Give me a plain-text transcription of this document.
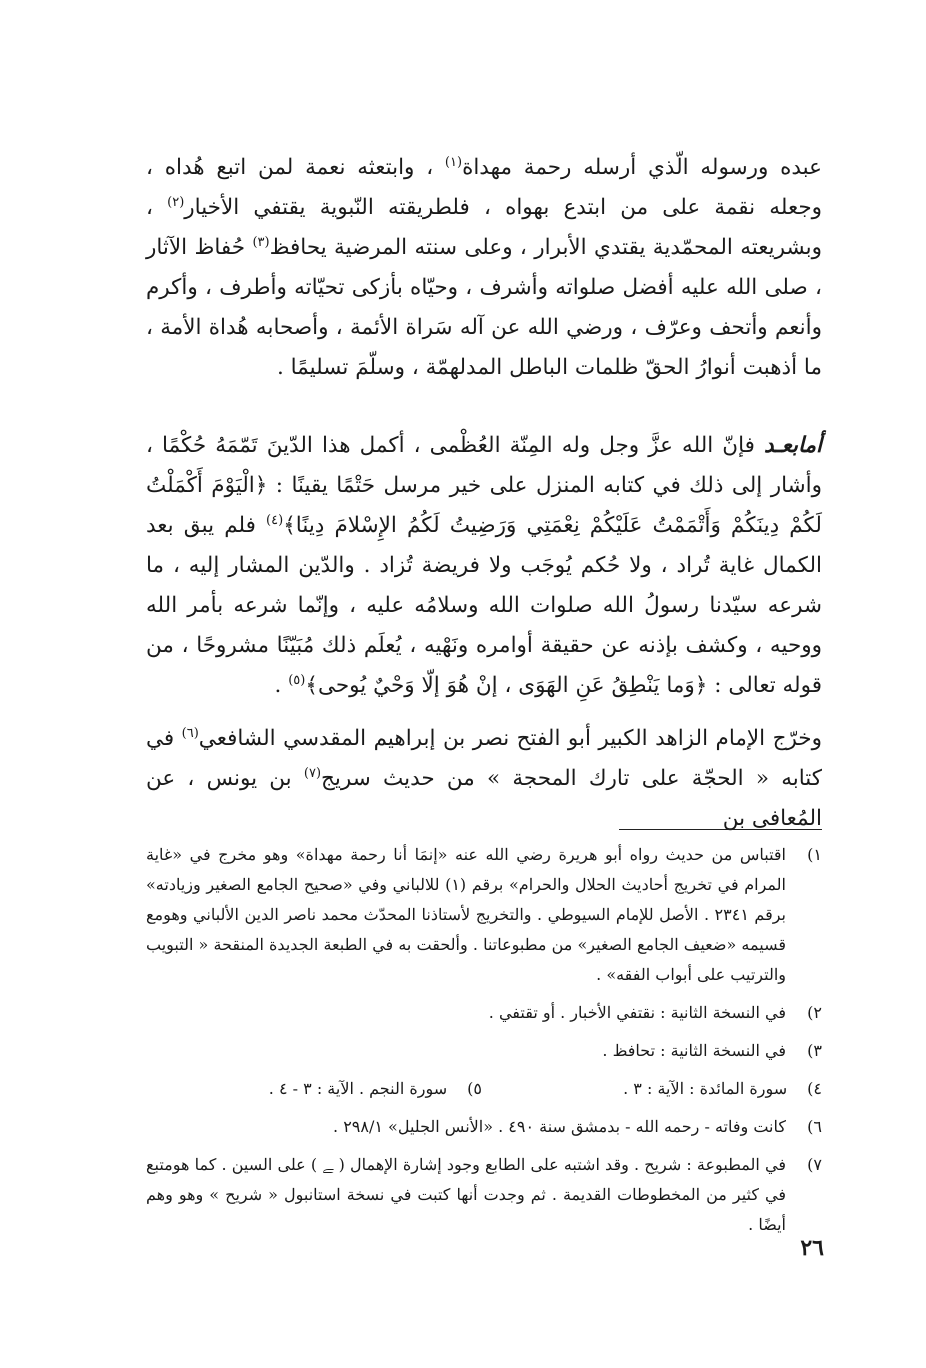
عبده ورسوله الّذي أرسله رحمة مهداة$^{(١)}$ ، وابتعثه نعمة لمن اتبع هُداه ، وجعله نقمة على من ابتدع بهواه ، فلطريقته النّبوية يقتفي الأخيار$^{(٢)}$ ، وبشريعته المحمّدية يقتدي الأبرار ، وعلى سنته المرضية يحافظ$^{(٣)}$ حُفاظ الآثار ، صلى الله عليه أفضل صلواته وأشرف ، وحيّاه بأزكى تحيّاته وأطرف ، وأكرم وأنعم وأتحف وعرّف ، ورضي الله عن آله سَراة الأئمة ، وأصحابه هُداة الأمة ، ما أذهبت أنوارُ الحقّ ظلمات الباطل المدلهمّة ، وسلّمَ تسليمًا .

أمابعـد فإنّ الله عزَّ وجل وله المِنّة العُظْمى ، أكمل هذا الدّينَ تَمّمَهُ حُكْمًا ، وأشار إلى ذلك في كتابه المنزل على خير مرسل حَتْمًا يقينًا : ﴿الْيَوْمَ أَكْمَلْتُ لَكُمْ دِينَكُمْ وَأَتْمَمْتُ عَلَيْكُمْ نِعْمَتِي وَرَضِيتُ لَكُمُ الإِسْلامَ دِينًا﴾$^{(٤)}$ فلم يبق بعد الكمال غاية تُراد ، ولا حُكم يُوجَب ولا فريضة تُزاد . والدّين المشار إليه ، ما شرعه سيّدنا رسولُ الله صلوات الله وسلامُه عليه ، وإنّما شرعه بأمر الله ووحيه ، وكشف بإذنه عن حقيقة أوامره ونَهْيه ، يُعلَم ذلك مُبَيّنًا مشروحًا ، من قوله تعالى : ﴿وَما يَنْطِقُ عَنِ الهَوَى ، إنْ هُوَ إلّا وَحْيٌ يُوحى﴾$^{(٥)}$ .

وخرّج الإمام الزاهد الكبير أبو الفتح نصر بن إبراهيم المقدسي الشافعي$^{(٦)}$ في كتابه « الحجّة على تارك المحجة » من حديث سريج$^{(٧)}$ بن يونس ، عن المُعافى بن

١)
اقتباس من حديث رواه أبو هريرة رضي الله عنه «إنمَا أنا رحمة مهداة» وهو مخرج في «غاية المرام في تخريج أحاديث الحلال والحرام» برقم (١) للالباني وفي «صحيح الجامع الصغير وزيادته» برقم ٢٣٤١ . الأصل للإمام السيوطي . والتخريج لأستاذنا المحدّث محمد ناصر الدين الألباني وهومع قسيمه «ضعيف الجامع الصغير» من مطبوعاتنا . وألحقت به في الطبعة الجديدة المنقحة « التبويب والترتيب على أبواب الفقه» .
٢)
في النسخة الثانية : نقتفي الأخبار . أو تقتفي .
٣)
في النسخة الثانية : تحافظ .
٤)سورة المائدة : الآية : ٣ .
٥)سورة النجم . الآية : ٣ - ٤ .
٦)
كانت وفاته - رحمه الله - بدمشق سنة ٤٩٠ . «الأنس الجليل» ٢٩٨/١ .
٧)
في المطبوعة : شريح . وقد اشتبه على الطابع وجود إشارة الإهمال ( ﮯ ) على السين . كما هومتبع في كثير من المخطوطات القديمة . ثم وجدت أنها كتبت في نسخة استانبول « شريح » وهو وهم أيضًا .
٢٦
